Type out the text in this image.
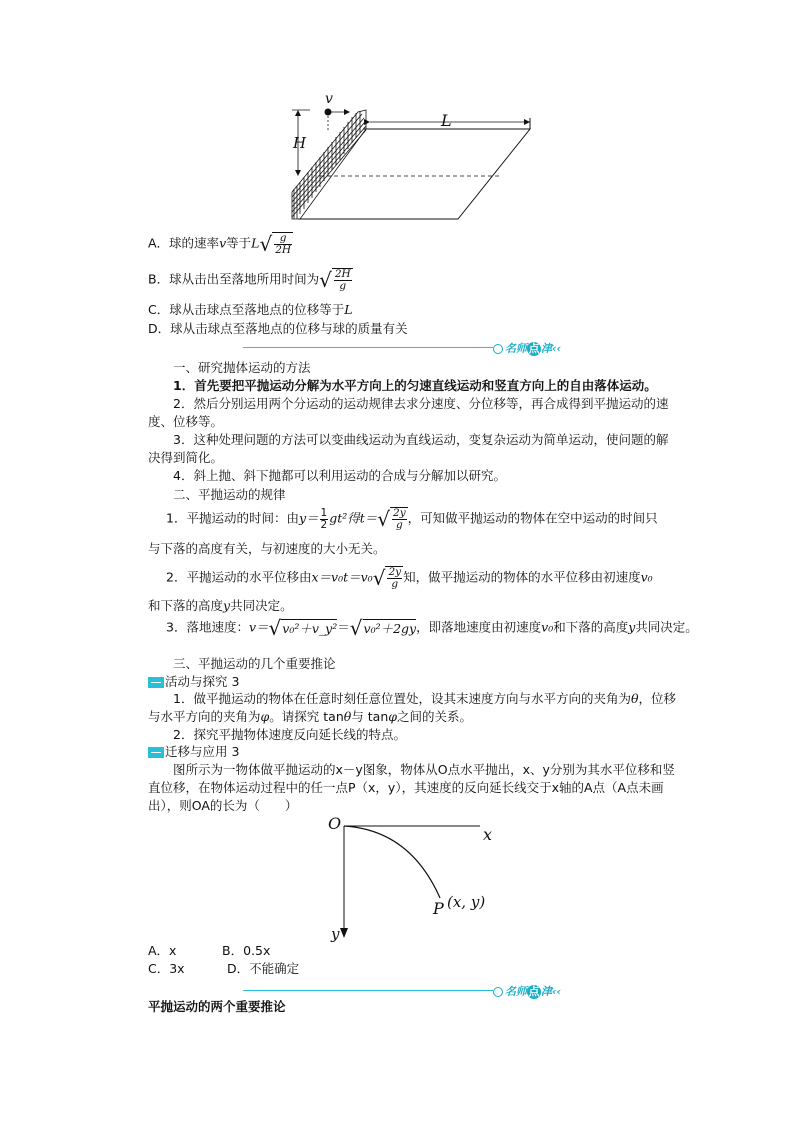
v
H
L
A．球的速率v等于$L√ \frac{g}{2H}$
B．球从击出至落地所用时间为√ $\frac{2H}{g}$
C．球从击球点至落地点的位移等于L
D．球从击球点至落地点的位移与球的质量有关
名师 点 津‹‹
一、研究抛体运动的方法
1．首先要把平抛运动分解为水平方向上的匀速直线运动和竖直方向上的自由落体运动。
2．然后分别运用两个分运动的运动规律去求分速度、分位移等，再合成得到平抛运动的速度、位移等。
3．这种处理问题的方法可以变曲线运动为直线运动，变复杂运动为简单运动，使问题的解决得到简化。
4．斜上抛、斜下抛都可以利用运动的合成与分解加以研究。
二、平抛运动的规律
1．平抛运动的时间：由$y= \frac{1}{2} gt^2$得$t=√ \frac{2y}{g}$ ，可知做平抛运动的物体在空中运动的时间只
与下落的高度有关，与初速度的大小无关。
2．平抛运动的水平位移由$x=v_0t=v_0√ \frac{2y}{g}$ 知，做平抛运动的物体的水平位移由初速度v₀
和下落的高度y共同决定。
3．落地速度：v＝√v₀²＋v_y²＝√v₀²＋2gy，即落地速度由初速度v₀和下落的高度y共同决定。
三、平抛运动的几个重要推论
活动与探究 3
1．做平抛运动的物体在任意时刻任意位置处，设其末速度方向与水平方向的夹角为θ，位移与水平方向的夹角为φ。请探究 tanθ与 tanφ之间的关系。
2．探究平抛物体速度反向延长线的特点。
迁移与应用 3
图所示为一物体做平抛运动的x－y图象，物体从O点水平抛出，x、y分别为其水平位移和竖直位移，在物体运动过程中的任一点P（x，y），其速度的反向延长线交于x轴的A点（A点未画出），则OA的长为（　　）
O
x
y
P (x, y)
A．x	B．0.5x
C．3x	D．不能确定
名师 点 津‹‹
平抛运动的两个重要推论
